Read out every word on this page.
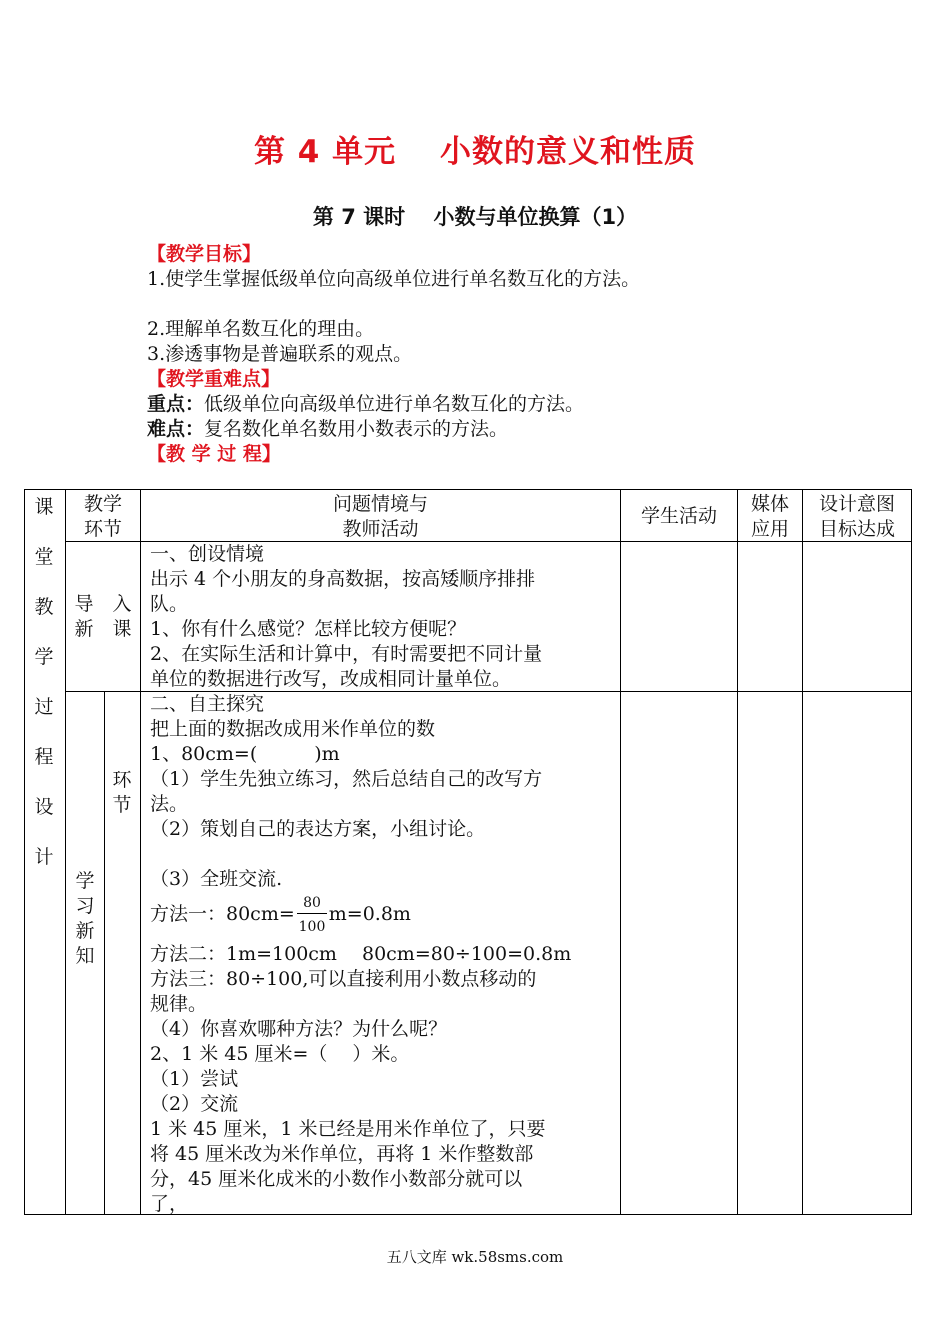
第 4 单元　 小数的意义和性质
第 7 课时　 小数与单位换算（1）
【教学目标】
1.使学生掌握低级单位向高级单位进行单名数互化的方法。
2.理解单名数互化的理由。
3.渗透事物是普遍联系的观点。
【教学重难点】
重点：低级单位向高级单位进行单名数互化的方法。
难点：复名数化单名数用小数表示的方法。
【教 学 过 程】
课
堂
教
学
过
程
设
计
教学
环节
问题情境与
教师活动
学生活动
媒体
应用
设计意图
目标达成
导　入
新　课
一、创设情境
出示 4 个小朋友的身高数据，按高矮顺序排排
队。
1、你有什么感觉？怎样比较方便呢？
2、在实际生活和计算中，有时需要把不同计量
单位的数据进行改写，改成相同计量单位。
学
习
新
知
环
节
二、自主探究
把上面的数据改成用米作单位的数
1、80cm=(　　　)m
（1）学生先独立练习，然后总结自己的改写方
法。
（2）策划自己的表达方案，小组讨论。
（3）全班交流.
方法一：80cm= m=0.8m
80
100
方法二：1m=100cm　 80cm=80÷100=0.8m
方法三：80÷100,可以直接利用小数点移动的
规律。
（4）你喜欢哪种方法？为什么呢？
2、1 米 45 厘米=（　 ）米。
（1）尝试
（2）交流
1 米 45 厘米，1 米已经是用米作单位了，只要
将 45 厘米改为米作单位，再将 1 米作整数部
分，45 厘米化成米的小数作小数部分就可以
了，
五八文库 wk.58sms.com
